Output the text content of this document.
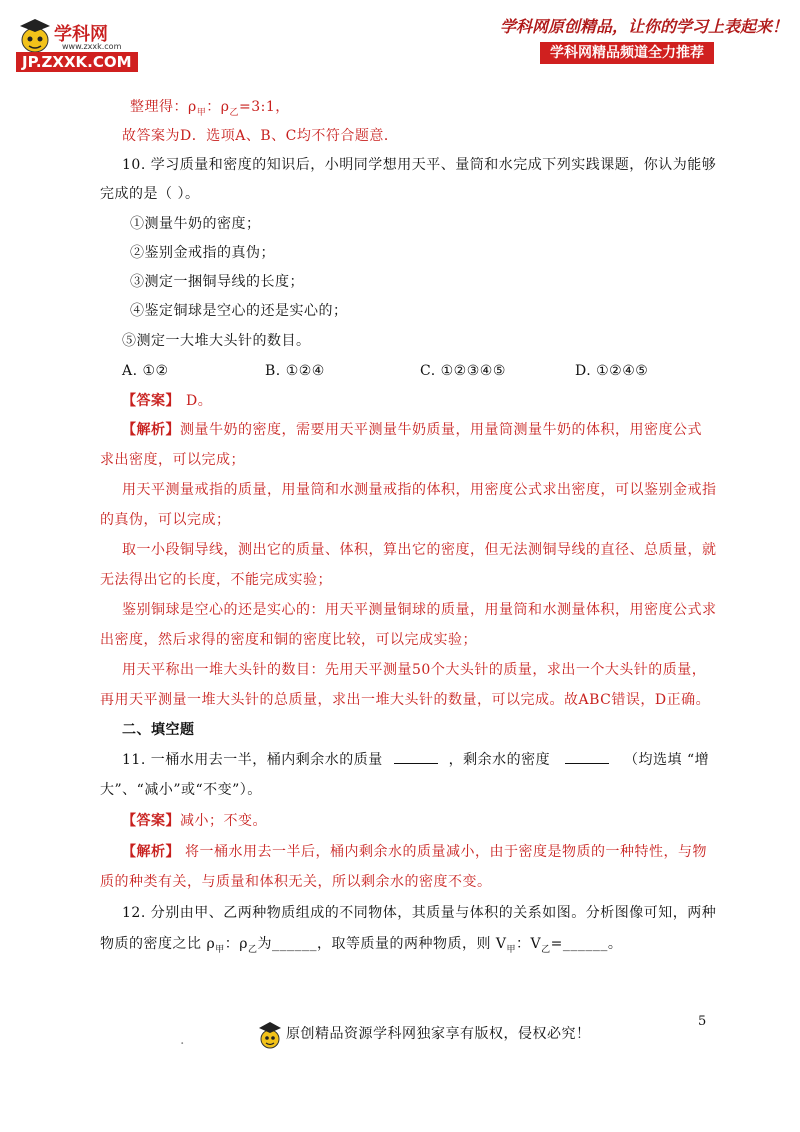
学科网
www.zxxk.com
JP.ZXXK.COM
学科网原创精品，让你的学习上表起来！
学科网精品频道全力推荐
整理得：$\rho_甲$：$\rho_乙=3:1$，
故答案为D．选项A、B、C均不符合题意．
10. 学习质量和密度的知识后，小明同学想用天平、量筒和水完成下列实践课题，你认为能够
完成的是（ ）。
①测量牛奶的密度；
②鉴别金戒指的真伪；
③测定一捆铜导线的长度；
④鉴定铜球是空心的还是实心的；
⑤测定一大堆大头针的数目。
A. ①②	B. ①②④	C. ①②③④⑤	D. ①②④⑤
【答案】 D。
【解析】测量牛奶的密度，需要用天平测量牛奶质量，用量筒测量牛奶的体积，用密度公式
求出密度，可以完成；
用天平测量戒指的质量，用量筒和水测量戒指的体积，用密度公式求出密度，可以鉴别金戒指
的真伪，可以完成；
取一小段铜导线，测出它的质量、体积，算出它的密度，但无法测铜导线的直径、总质量，就
无法得出它的长度，不能完成实验；
鉴别铜球是空心的还是实心的：用天平测量铜球的质量，用量筒和水测量体积，用密度公式求
出密度，然后求得的密度和铜的密度比较，可以完成实验；
用天平称出一堆大头针的数目：先用天平测量50个大头针的质量，求出一个大头针的质量，
再用天平测量一堆大头针的总质量，求出一堆大头针的数量，可以完成。故ABC错误，D正确。
二、填空题
11. 一桶水用去一半，桶内剩余水的质量	，剩余水的密度	（均选填 “增
大”、“减小”或“不变”）。
【答案】减小；不变。
【解析】 将一桶水用去一半后，桶内剩余水的质量减小，由于密度是物质的一种特性，与物
质的种类有关，与质量和体积无关，所以剩余水的密度不变。
12. 分别由甲、乙两种物质组成的不同物体，其质量与体积的关系如图。分析图像可知，两种
物质的密度之比 $\rho_甲$：$\rho_乙$为______，取等质量的两种物质，则 $V_甲$：$V_乙=\_\_\_\_\_\_$。
5
.	原创精品资源学科网独家享有版权，侵权必究！
